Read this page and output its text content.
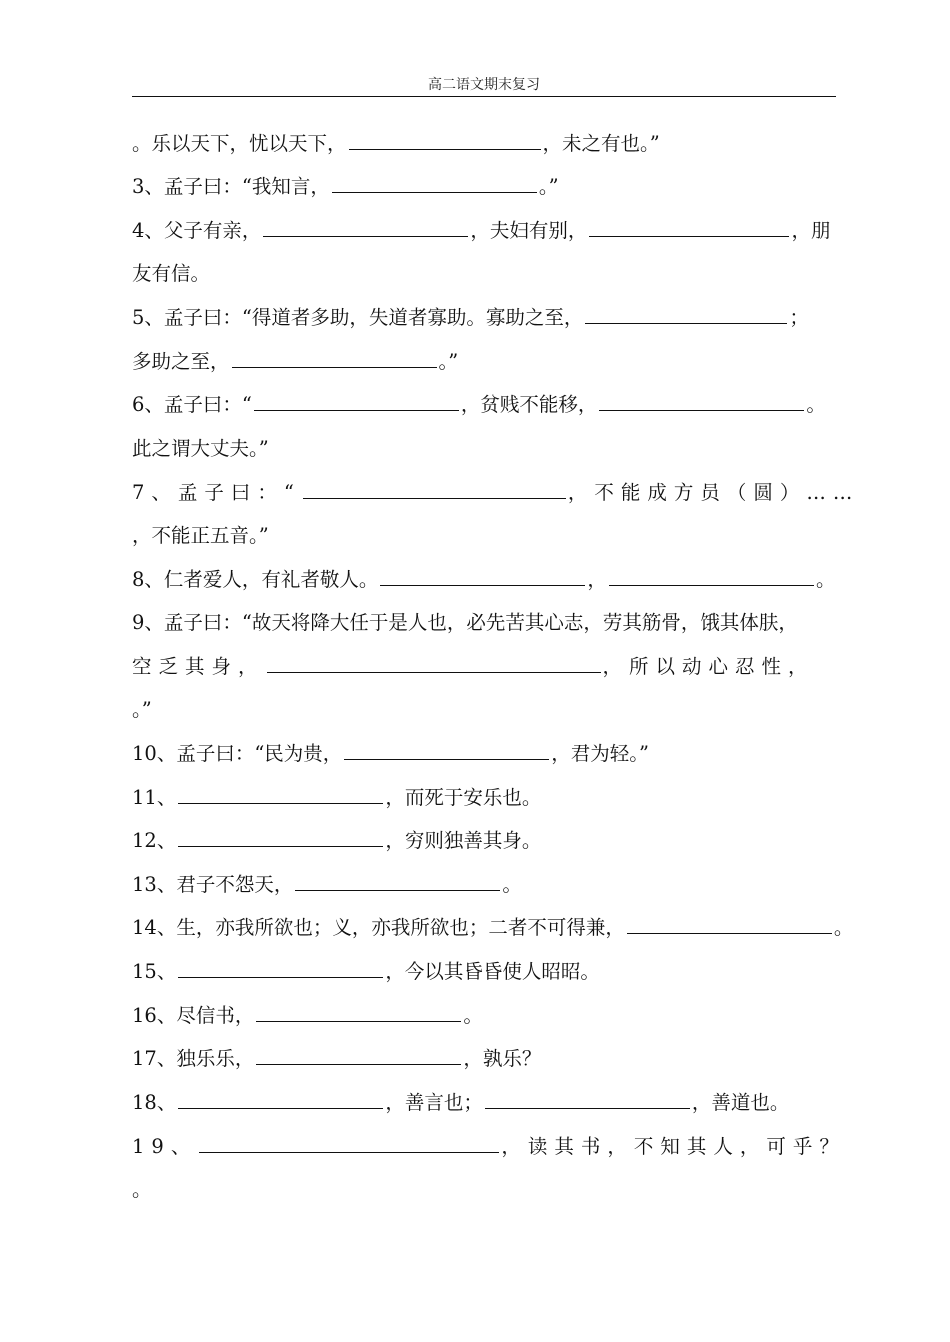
高二语文期末复习
。乐以天下，忧以天下，	，未之有也。”
3、孟子曰：“我知言，	。”
4、父子有亲，	，夫妇有别，	，朋
友有信。
5、孟子曰：“得道者多助，失道者寡助。寡助之至，	；
多助之至，	。”
6、孟子曰：“	，贫贱不能移，	。
此之谓大丈夫。”
7、孟子曰：“	，不能成方员（圆）……
，不能正五音。”
8、仁者爱人，有礼者敬人。	，	。
9、孟子曰：“故天将降大任于是人也，必先苦其心志，劳其筋骨，饿其体肤，
空乏其身，	，所以动心忍性，
。”
10、孟子曰：“民为贵，	，君为轻。”
11、	，而死于安乐也。
12、	，穷则独善其身。
13、君子不怨天，	。
14、生，亦我所欲也；义，亦我所欲也；二者不可得兼，	。
15、	，今以其昏昏使人昭昭。
16、尽信书，	。
17、独乐乐，	，孰乐？
18、	，善言也；	，善道也。
19、	，读其书，不知其人，可乎？
。
